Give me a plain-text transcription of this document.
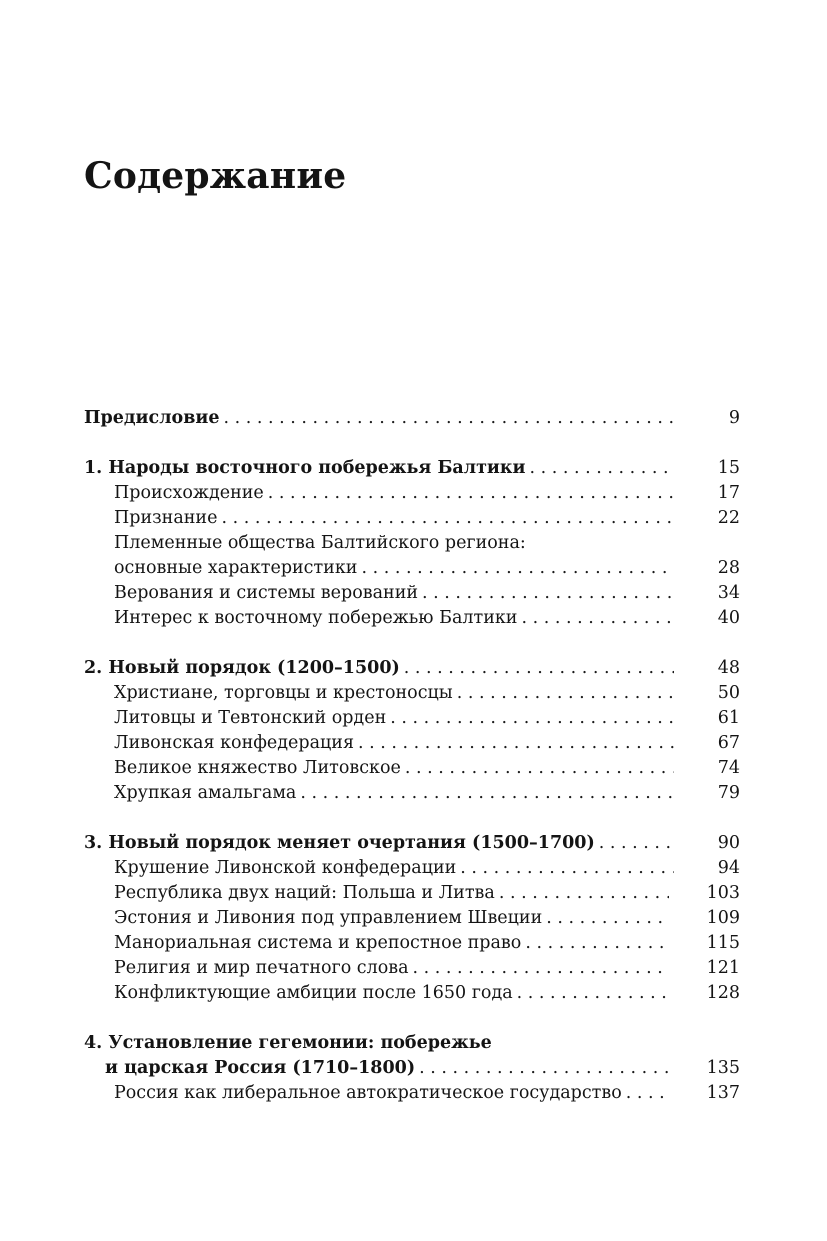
Содержание
Предисловие . . .	9
1. Народы восточного побережья Балтики . . .	15
Происхождение . . .	17
Признание . . .	22
Племенные общества Балтийского региона:
основные характеристики . . .	28
Верования и системы верований . . .	34
Интерес к восточному побережью Балтики . . .	40
2. Новый порядок (1200–1500) . . .	48
Христиане, торговцы и крестоносцы . . .	50
Литовцы и Тевтонский орден . . .	61
Ливонская конфедерация . . .	67
Великое княжество Литовское . . .	74
Хрупкая амальгама . . .	79
3. Новый порядок меняет очертания (1500–1700) . . .	90
Крушение Ливонской конфедерации . . .	94
Республика двух наций: Польша и Литва . . .	103
Эстония и Ливония под управлением Швеции . . .	109
Манориальная система и крепостное право . . .	115
Религия и мир печатного слова . . .	121
Конфликтующие амбиции после 1650 года . . .	128
4. Установление гегемонии: побережье
и царская Россия (1710–1800) . . .	135
Россия как либеральное автократическое государство . . .	137
